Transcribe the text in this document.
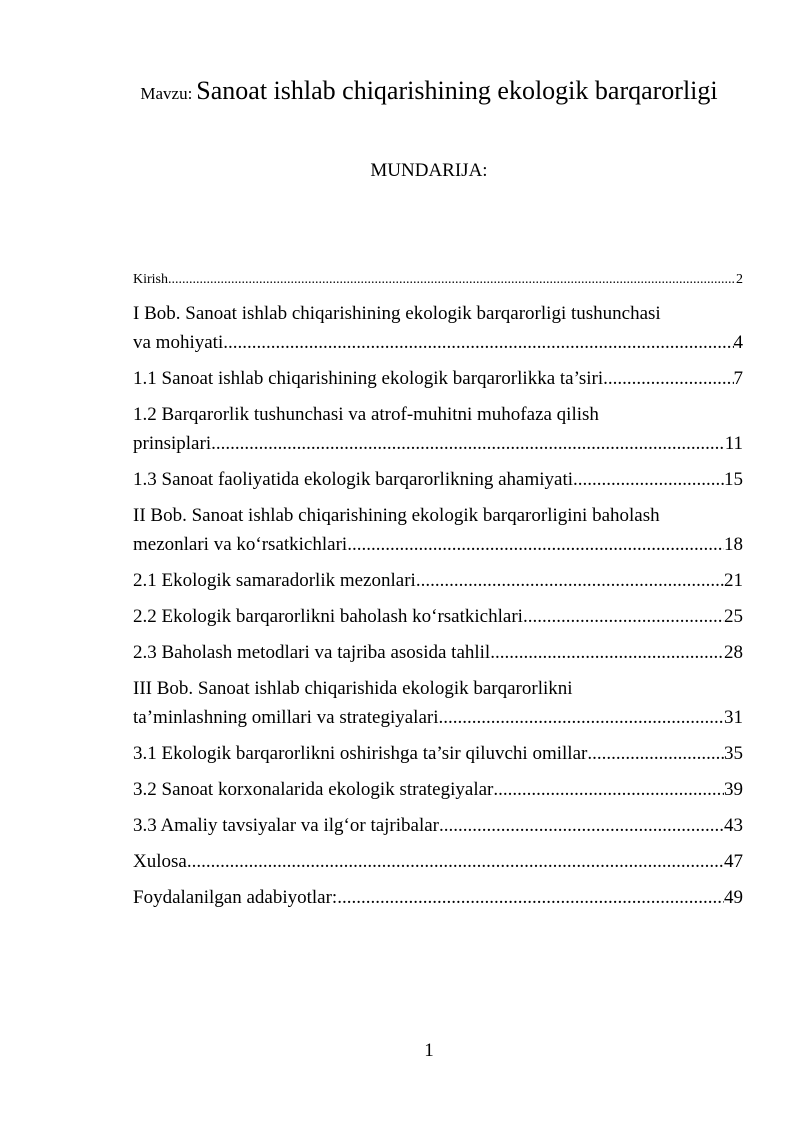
Mavzu: Sanoat ishlab chiqarishining ekologik barqarorligi
MUNDARIJA:
Kirish .....	2
I Bob. Sanoat ishlab chiqarishining ekologik barqarorligi tushunchasi
va mohiyati .....	4
1.1 Sanoat ishlab chiqarishining ekologik barqarorlikka ta’siri .....	7
1.2 Barqarorlik tushunchasi va atrof-muhitni muhofaza qilish
prinsiplari .....	11
1.3 Sanoat faoliyatida ekologik barqarorlikning ahamiyati .....	15
II Bob. Sanoat ishlab chiqarishining ekologik barqarorligini baholash
mezonlari va koʻrsatkichlari .....	18
2.1 Ekologik samaradorlik mezonlari .....	21
2.2 Ekologik barqarorlikni baholash koʻrsatkichlari .....	25
2.3 Baholash metodlari va tajriba asosida tahlil .....	28
III Bob. Sanoat ishlab chiqarishida ekologik barqarorlikni
ta’minlashning omillari va strategiyalari .....	31
3.1 Ekologik barqarorlikni oshirishga ta’sir qiluvchi omillar .....	35
3.2 Sanoat korxonalarida ekologik strategiyalar .....	39
3.3 Amaliy tavsiyalar va ilgʻor tajribalar .....	43
Xulosa .....	47
Foydalanilgan adabiyotlar: .....	49
1
